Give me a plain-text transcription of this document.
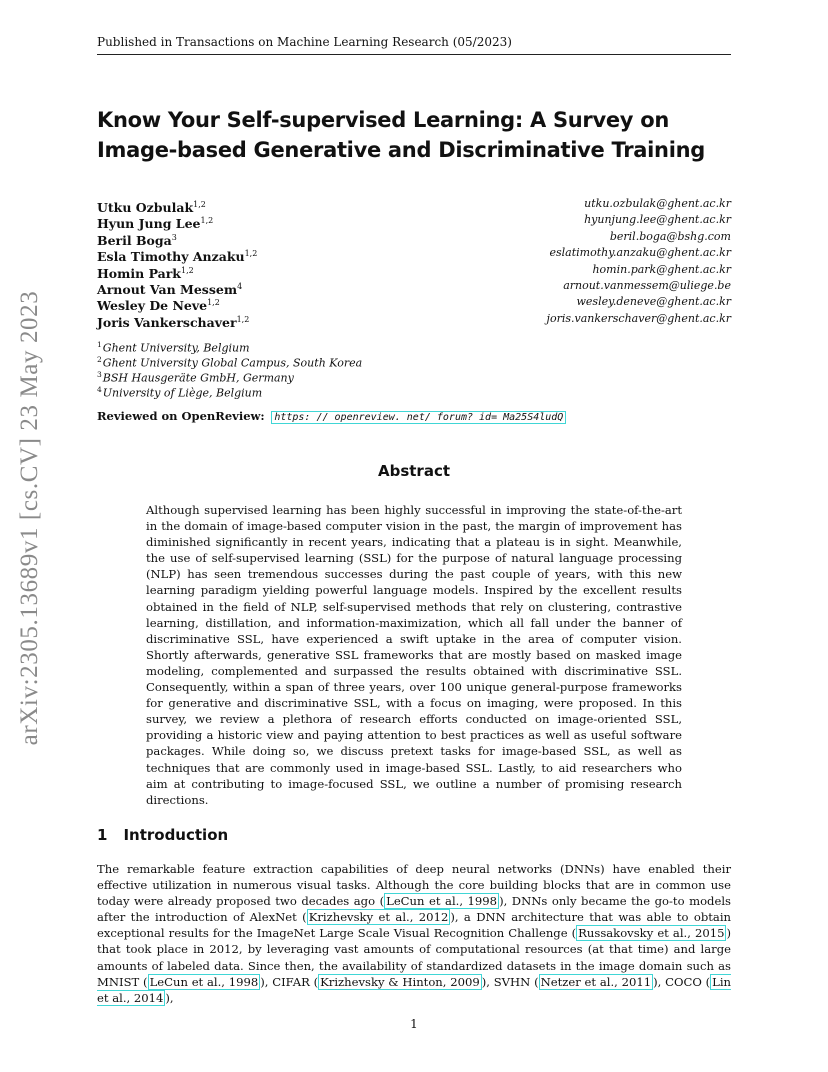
arXiv:2305.13689v1 [cs.CV] 23 May 2023
Published in Transactions on Machine Learning Research (05/2023)
Know Your Self-supervised Learning: A Survey on
Image-based Generative and Discriminative Training
Utku Ozbulak$^{1,2}$	utku.ozbulak@ghent.ac.kr
Hyun Jung Lee$^{1,2}$	hyunjung.lee@ghent.ac.kr
Beril Boga$^3$	beril.boga@bshg.com
Esla Timothy Anzaku$^{1,2}$	eslatimothy.anzaku@ghent.ac.kr
Homin Park$^{1,2}$	homin.park@ghent.ac.kr
Arnout Van Messem$^4$	arnout.vanmessem@uliege.be
Wesley De Neve$^{1,2}$	wesley.deneve@ghent.ac.kr
Joris Vankerschaver$^{1,2}$	joris.vankerschaver@ghent.ac.kr
$^1$Ghent University, Belgium
$^2$Ghent University Global Campus, South Korea
$^3$BSH Hausgeräte GmbH, Germany
$^4$University of Liège, Belgium
Reviewed on OpenReview: https: // openreview. net/ forum? id= Ma25S4ludQ
Abstract

Although supervised learning has been highly successful in improving the state-of-the-art in the domain of image-based computer vision in the past, the margin of improvement has diminished significantly in recent years, indicating that a plateau is in sight. Meanwhile, the use of self-supervised learning (SSL) for the purpose of natural language processing (NLP) has seen tremendous successes during the past couple of years, with this new learning paradigm yielding powerful language models. Inspired by the excellent results obtained in the field of NLP, self-supervised methods that rely on clustering, contrastive learning, distillation, and information-maximization, which all fall under the banner of discriminative SSL, have experienced a swift uptake in the area of computer vision. Shortly afterwards, generative SSL frameworks that are mostly based on masked image modeling, complemented and surpassed the results obtained with discriminative SSL. Consequently, within a span of three years, over 100 unique general-purpose frameworks for generative and discriminative SSL, with a focus on imaging, were proposed. In this survey, we review a plethora of research efforts conducted on image-oriented SSL, providing a historic view and paying attention to best practices as well as useful software packages. While doing so, we discuss pretext tasks for image-based SSL, as well as techniques that are commonly used in image-based SSL. Lastly, to aid researchers who aim at contributing to image-focused SSL, we outline a number of promising research directions.

1 Introduction

The remarkable feature extraction capabilities of deep neural networks (DNNs) have enabled their effective utilization in numerous visual tasks. Although the core building blocks that are in common use today were already proposed two decades ago ( LeCun et al., 1998 ), DNNs only became the go-to models after the introduction of AlexNet ( Krizhevsky et al., 2012 ), a DNN architecture that was able to obtain exceptional results for the ImageNet Large Scale Visual Recognition Challenge ( Russakovsky et al., 2015 ) that took place in 2012, by leveraging vast amounts of computational resources (at that time) and large amounts of labeled data. Since then, the availability of standardized datasets in the image domain such as MNIST ( LeCun et al., 1998 ), CIFAR ( Krizhevsky & Hinton, 2009 ), SVHN ( Netzer et al., 2011 ), COCO ( Lin et al., 2014 ),

1
